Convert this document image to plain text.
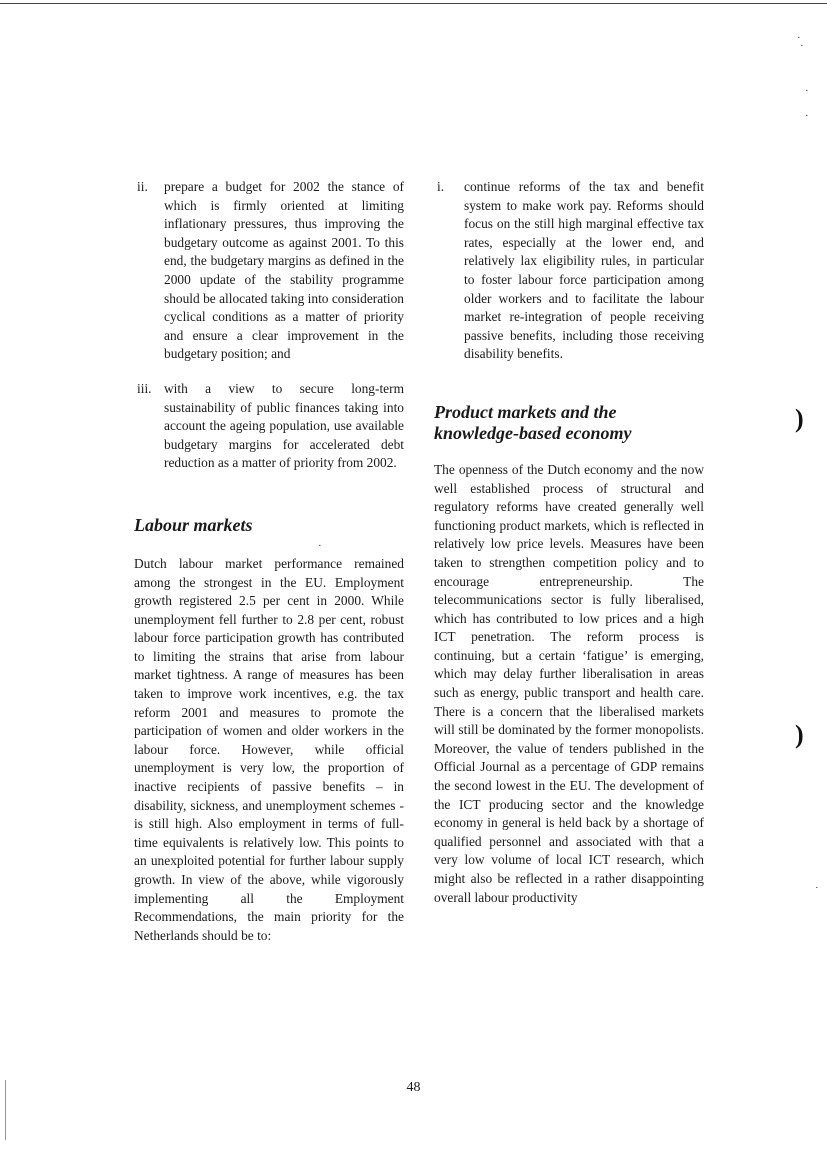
ii. prepare a budget for 2002 the stance of which is firmly oriented at limiting inflationary pressures, thus improving the budgetary outcome as against 2001. To this end, the budgetary margins as defined in the 2000 update of the stability programme should be allocated taking into consideration cyclical conditions as a matter of priority and ensure a clear improvement in the budgetary position; and
iii. with a view to secure long-term sustainability of public finances taking into account the ageing population, use available budgetary margins for accelerated debt reduction as a matter of priority from 2002.
Labour markets
Dutch labour market performance remained among the strongest in the EU. Employment growth registered 2.5 per cent in 2000. While unemployment fell further to 2.8 per cent, robust labour force participation growth has contributed to limiting the strains that arise from labour market tightness. A range of measures has been taken to improve work incentives, e.g. the tax reform 2001 and measures to promote the participation of women and older workers in the labour force. However, while official unemployment is very low, the proportion of inactive recipients of passive benefits – in disability, sickness, and unemployment schemes - is still high. Also employment in terms of full-time equivalents is relatively low. This points to an unexploited potential for further labour supply growth. In view of the above, while vigorously implementing all the Employment Recommendations, the main priority for the Netherlands should be to:
i. continue reforms of the tax and benefit system to make work pay. Reforms should focus on the still high marginal effective tax rates, especially at the lower end, and relatively lax eligibility rules, in particular to foster labour force participation among older workers and to facilitate the labour market re-integration of people receiving passive benefits, including those receiving disability benefits.
Product markets and the knowledge-based economy
The openness of the Dutch economy and the now well established process of structural and regulatory reforms have created generally well functioning product markets, which is reflected in relatively low price levels. Measures have been taken to strengthen competition policy and to encourage entrepreneurship. The telecommunications sector is fully liberalised, which has contributed to low prices and a high ICT penetration. The reform process is continuing, but a certain ‘fatigue’ is emerging, which may delay further liberalisation in areas such as energy, public transport and health care. There is a concern that the liberalised markets will still be dominated by the former monopolists. Moreover, the value of tenders published in the Official Journal as a percentage of GDP remains the second lowest in the EU. The development of the ICT producing sector and the knowledge economy in general is held back by a shortage of qualified personnel and associated with that a very low volume of local ICT research, which might also be reflected in a rather disappointing overall labour productivity
48
)
)
·
·
·
·
·
·
